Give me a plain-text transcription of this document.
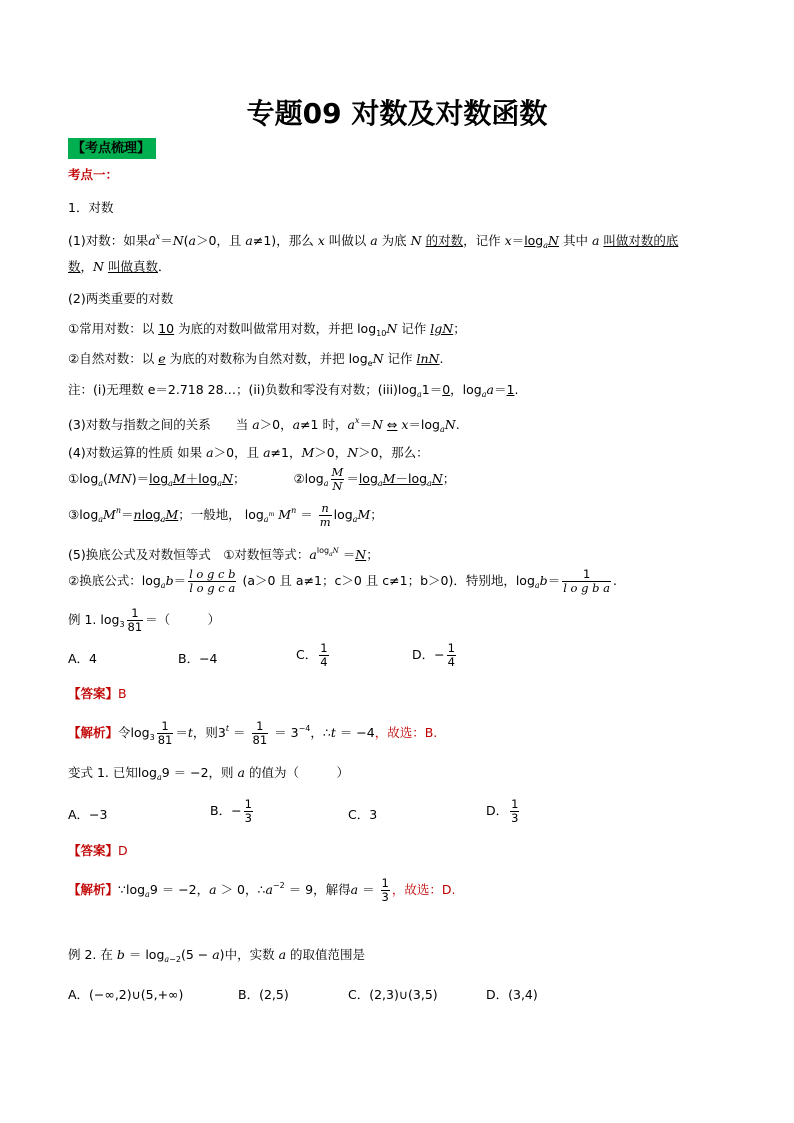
专题09 对数及对数函数
【考点梳理】
考点一：
1．对数
(1)对数：如果$a^x=N(a>0$，且 a≠1)，那么 x 叫做以 a 为底 N 的对数，记作 $x=\log_aN$ 其中 a 叫做对数的底
数，N 叫做真数．
(2)两类重要的对数
①常用对数：以 10 为底的对数叫做常用对数，并把 $\log_{10}N$ 记作 lgN；
②自然对数：以 e 为底的对数称为自然对数，并把 $\log_eN$ 记作 lnN.
注：(i)无理数 e＝2.718 28…；(ii)负数和零没有对数；$(iii)\log_a1=0$，$\log_aa=1$.
(3)对数与指数之间的关系　　当 a＞0，a≠1 时，$a^x=N$ ⇔ $x=\log_aN$.
(4)对数运算的性质 如果 a＞0，且 a≠1，M＞0，N＞0，那么：
$①\log_a(MN)=\log_aM+\log_aN$；	$②\log_a \frac{M}{N} =\log_aM-\log_aN$；
$③\log_aM^n=nlog_aM$；一般地， $\log_{a^m} M^n = \frac{n}{m} \log_aM$；
(5)换底公式及对数恒等式　①对数恒等式：$a^{log_aN} =N$；
②换底公式：$\log_ab= \frac{\text{l o g c b}}{\text{l o g c a}} (a>0$ 且 a≠1；c＞0 且 c≠1；b＞0)．特别地，$\log_ab= \frac{1}{\text{l o g b a}}$ .
例 1. $\log_3 \frac{1}{81}$ ＝（　　　）
A．4	B．−4	C． $\frac{1}{4}$	D．− $\frac{1}{4}$
【答案】B
【解析】令$\log_3 \frac{1}{81} =t$，则$3^t = \frac{1}{81} = 3^{-4}$，∴t ＝ −4，故选：B.
变式 1. 已知$\log_a9 = -2$，则 a 的值为（　　　）
A．−3	B．− $\frac{1}{3}$	C．3	D． $\frac{1}{3}$
【答案】D
【解析】$\because\log_a9 = -2$，a ＞ 0，$\therefore a^{-2} = 9$，解得$a = \frac{1}{3}$ ，故选：D.
例 2. 在 $b = \log_{a-2}(5 - a)$中，实数 a 的取值范围是
A．(−∞,2)∪(5,+∞)	B．(2,5)	C．(2,3)∪(3,5)	D．(3,4)
